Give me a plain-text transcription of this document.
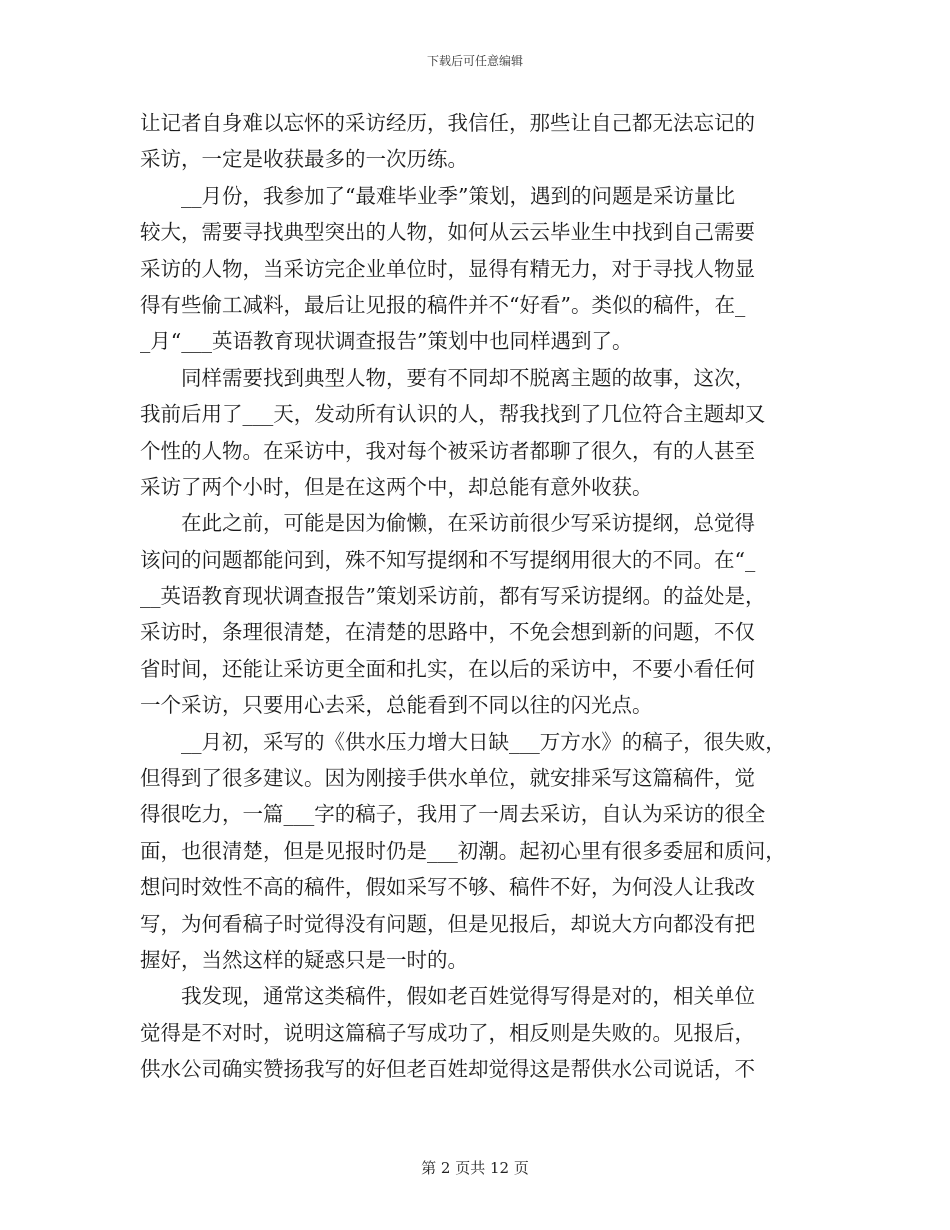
下载后可任意编辑
让记者自身难以忘怀的采访经历，我信任，那些让自己都无法忘记的
采访，一定是收获最多的一次历练。
　　__月份，我参加了“最难毕业季”策划，遇到的问题是采访量比
较大，需要寻找典型突出的人物，如何从云云毕业生中找到自己需要
采访的人物，当采访完企业单位时，显得有精无力，对于寻找人物显
得有些偷工减料，最后让见报的稿件并不“好看”。类似的稿件，在_
_月“___英语教育现状调查报告”策划中也同样遇到了。
　　同样需要找到典型人物，要有不同却不脱离主题的故事，这次，
我前后用了___天，发动所有认识的人，帮我找到了几位符合主题却又
个性的人物。在采访中，我对每个被采访者都聊了很久，有的人甚至
采访了两个小时，但是在这两个中，却总能有意外收获。
　　在此之前，可能是因为偷懒，在采访前很少写采访提纲，总觉得
该问的问题都能问到，殊不知写提纲和不写提纲用很大的不同。在“_
__英语教育现状调查报告”策划采访前，都有写采访提纲。的益处是，
采访时，条理很清楚，在清楚的思路中，不免会想到新的问题，不仅
省时间，还能让采访更全面和扎实，在以后的采访中，不要小看任何
一个采访，只要用心去采，总能看到不同以往的闪光点。
　　__月初，采写的《供水压力增大日缺___万方水》的稿子，很失败，
但得到了很多建议。因为刚接手供水单位，就安排采写这篇稿件，觉
得很吃力，一篇___字的稿子，我用了一周去采访，自认为采访的很全
面，也很清楚，但是见报时仍是___初潮。起初心里有很多委屈和质问，
想问时效性不高的稿件，假如采写不够、稿件不好，为何没人让我改
写，为何看稿子时觉得没有问题，但是见报后，却说大方向都没有把
握好，当然这样的疑惑只是一时的。
　　我发现，通常这类稿件，假如老百姓觉得写得是对的，相关单位
觉得是不对时，说明这篇稿子写成功了，相反则是失败的。见报后，
供水公司确实赞扬我写的好但老百姓却觉得这是帮供水公司说话，不
第 2 页共 12 页
